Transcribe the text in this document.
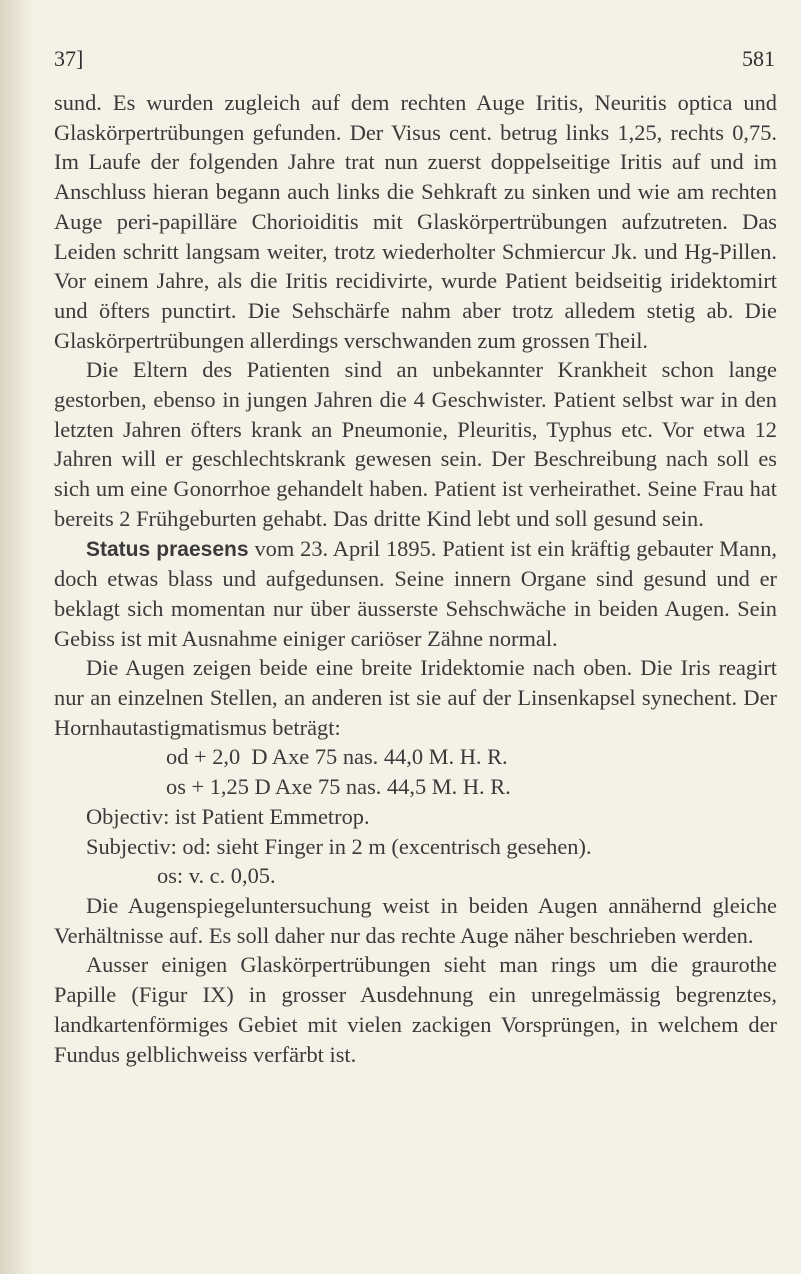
37]	581

sund. Es wurden zugleich auf dem rechten Auge Iritis, Neuritis optica und Glaskörpertrübungen gefunden. Der Visus cent. betrug links 1,25, rechts 0,75. Im Laufe der folgenden Jahre trat nun zuerst doppelseitige Iritis auf und im Anschluss hieran begann auch links die Sehkraft zu sinken und wie am rechten Auge peri-papilläre Chorioiditis mit Glaskörpertrübungen aufzutreten. Das Leiden schritt langsam weiter, trotz wiederholter Schmiercur Jk. und Hg-Pillen. Vor einem Jahre, als die Iritis recidivirte, wurde Patient beidseitig iridektomirt und öfters punctirt. Die Sehschärfe nahm aber trotz alledem stetig ab. Die Glaskörpertrübungen allerdings verschwanden zum grossen Theil.

Die Eltern des Patienten sind an unbekannter Krankheit schon lange gestorben, ebenso in jungen Jahren die 4 Geschwister. Patient selbst war in den letzten Jahren öfters krank an Pneumonie, Pleuritis, Typhus etc. Vor etwa 12 Jahren will er geschlechtskrank gewesen sein. Der Beschreibung nach soll es sich um eine Gonorrhoe gehandelt haben. Patient ist verheirathet. Seine Frau hat bereits 2 Frühgeburten gehabt. Das dritte Kind lebt und soll gesund sein.

Status praesens vom 23. April 1895. Patient ist ein kräftig gebauter Mann, doch etwas blass und aufgedunsen. Seine innern Organe sind gesund und er beklagt sich momentan nur über äusserste Sehschwäche in beiden Augen. Sein Gebiss ist mit Ausnahme einiger cariöser Zähne normal.

Die Augen zeigen beide eine breite Iridektomie nach oben. Die Iris reagirt nur an einzelnen Stellen, an anderen ist sie auf der Linsenkapsel synechent. Der Hornhautastigmatismus beträgt:

od + 2,0  D Axe 75 nas. 44,0 M. H. R.

os + 1,25 D Axe 75 nas. 44,5 M. H. R.

Objectiv: ist Patient Emmetrop.

Subjectiv: od: sieht Finger in 2 m (excentrisch gesehen).

os: v. c. 0,05.

Die Augenspiegeluntersuchung weist in beiden Augen annähernd gleiche Verhältnisse auf. Es soll daher nur das rechte Auge näher beschrieben werden.

Ausser einigen Glaskörpertrübungen sieht man rings um die graurothe Papille (Figur IX) in grosser Ausdehnung ein unregelmässig begrenztes, landkartenförmiges Gebiet mit vielen zackigen Vorsprüngen, in welchem der Fundus gelblichweiss verfärbt ist.
